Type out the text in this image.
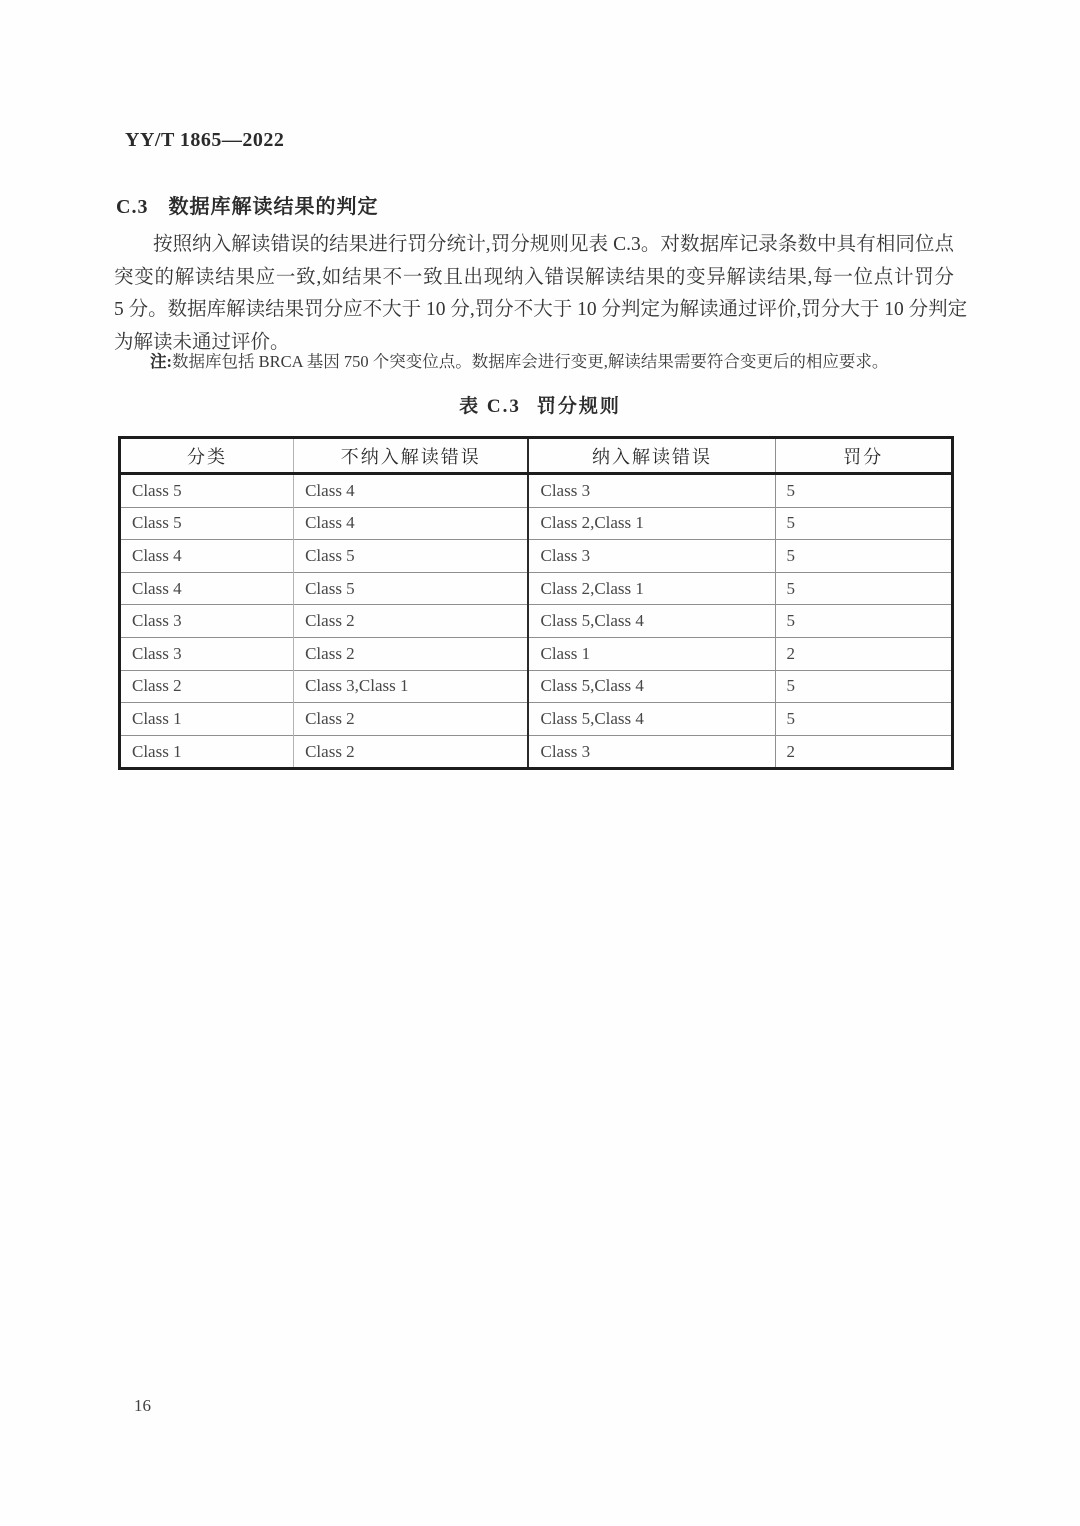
YY/T 1865—2022
C.3 数据库解读结果的判定
按照纳入解读错误的结果进行罚分统计,罚分规则见表 C.3。对数据库记录条数中具有相同位点
突变的解读结果应一致,如结果不一致且出现纳入错误解读结果的变异解读结果,每一位点计罚分
5 分。数据库解读结果罚分应不大于 10 分,罚分不大于 10 分判定为解读通过评价,罚分大于 10 分判定
为解读未通过评价。
注:数据库包括 BRCA 基因 750 个突变位点。数据库会进行变更,解读结果需要符合变更后的相应要求。
表 C.3 罚分规则
分类	不纳入解读错误	纳入解读错误	罚分
Class 5	Class 4	Class 3	5
Class 5	Class 4	Class 2,Class 1	5
Class 4	Class 5	Class 3	5
Class 4	Class 5	Class 2,Class 1	5
Class 3	Class 2	Class 5,Class 4	5
Class 3	Class 2	Class 1	2
Class 2	Class 3,Class 1	Class 5,Class 4	5
Class 1	Class 2	Class 5,Class 4	5
Class 1	Class 2	Class 3	2
16
